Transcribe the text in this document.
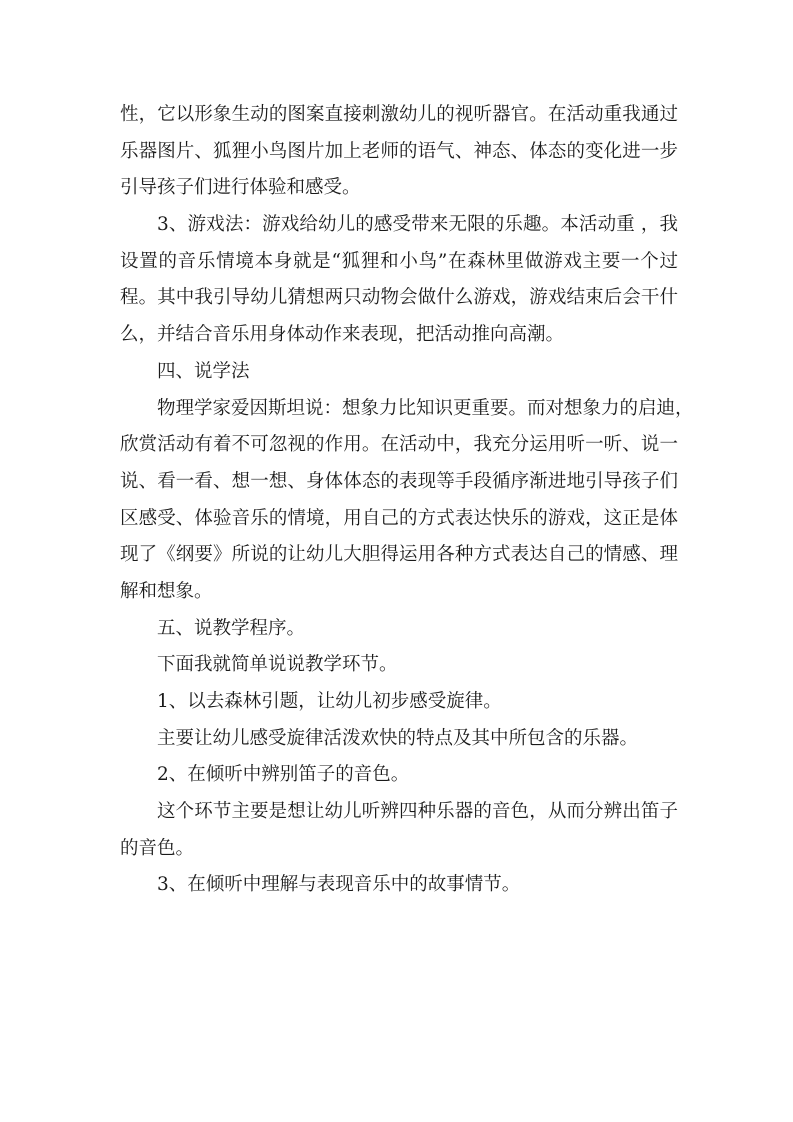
性，它以形象生动的图案直接刺激幼儿的视听器官。在活动重我通过
乐器图片、狐狸小鸟图片加上老师的语气、神态、体态的变化进一步
引导孩子们进行体验和感受。
3、游戏法：游戏给幼儿的感受带来无限的乐趣。本活动重 ，我
设置的音乐情境本身就是“狐狸和小鸟”在森林里做游戏主要一个过
程。其中我引导幼儿猜想两只动物会做什么游戏，游戏结束后会干什
么，并结合音乐用身体动作来表现，把活动推向高潮。
四、说学法
物理学家爱因斯坦说：想象力比知识更重要。而对想象力的启迪，
欣赏活动有着不可忽视的作用。在活动中，我充分运用听一听、说一
说、看一看、想一想、身体体态的表现等手段循序渐进地引导孩子们
区感受、体验音乐的情境，用自己的方式表达快乐的游戏，这正是体
现了《纲要》所说的让幼儿大胆得运用各种方式表达自己的情感、理
解和想象。
五、说教学程序。
下面我就简单说说教学环节。
1、以去森林引题，让幼儿初步感受旋律。
主要让幼儿感受旋律活泼欢快的特点及其中所包含的乐器。
2、在倾听中辨别笛子的音色。
这个环节主要是想让幼儿听辨四种乐器的音色，从而分辨出笛子
的音色。
3、在倾听中理解与表现音乐中的故事情节。
